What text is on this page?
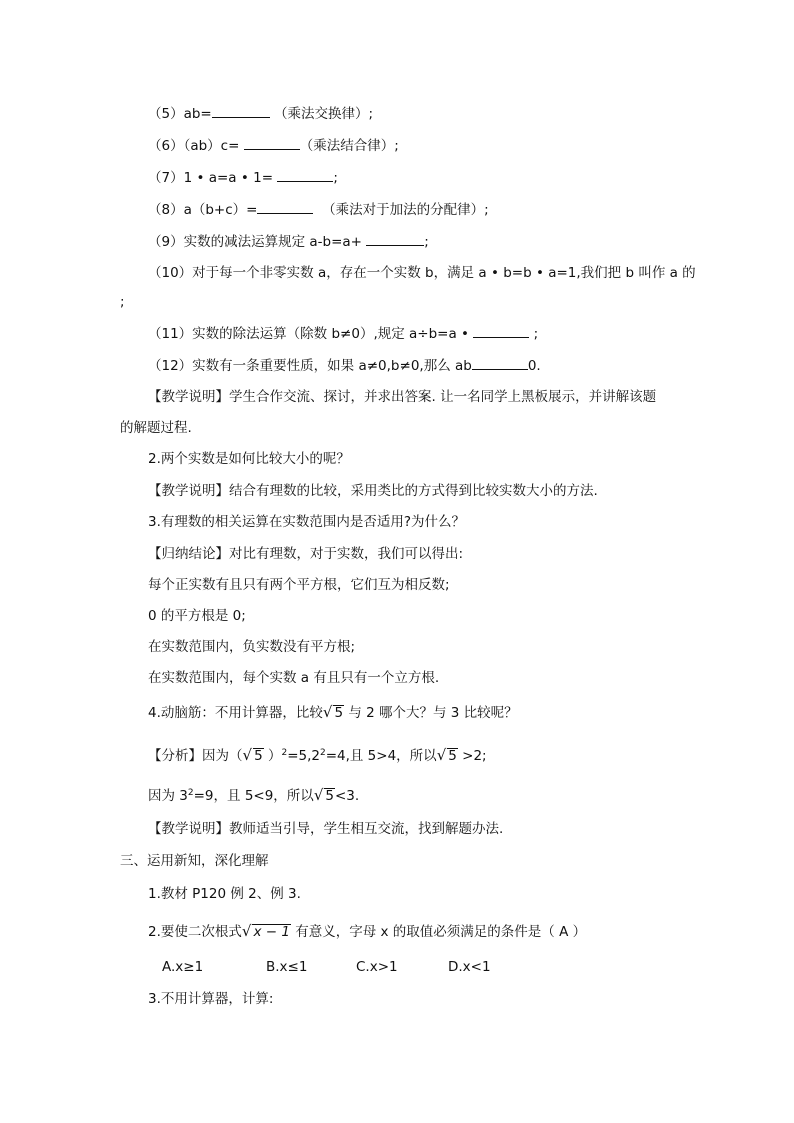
（5）ab=	（乘法交换律）;
（6）（ab）c=	（乘法结合律）;
（7）1 • a=a • 1=	;
（8）a（b+c）=	（乘法对于加法的分配律）;
（9）实数的减法运算规定 a-b=a+	;
（10）对于每一个非零实数 a，存在一个实数 b，满足 a • b=b • a=1,我们把 b 叫作 a 的
;
（11）实数的除法运算（除数 b≠0）,规定 a÷b=a •	;
（12）实数有一条重要性质，如果 a≠0,b≠0,那么 ab	0.
【教学说明】学生合作交流、探讨，并求出答案. 让一名同学上黑板展示，并讲解该题
的解题过程.
2.两个实数是如何比较大小的呢？
【教学说明】结合有理数的比较，采用类比的方式得到比较实数大小的方法.
3.有理数的相关运算在实数范围内是否适用?为什么？
【归纳结论】对比有理数，对于实数，我们可以得出:
每个正实数有且只有两个平方根，它们互为相反数;
0 的平方根是 0;
在实数范围内，负实数没有平方根;
在实数范围内，每个实数 a 有且只有一个立方根.
4.动脑筋：不用计算器，比较√ 5 与 2 哪个大？与 3 比较呢？
【分析】因为（√ 5 ）$^2=5,2^2=4$,且 5>4，所以√ 5 >2;
因为 $3^2=9$，且 5<9，所以√ 5<3.
【教学说明】教师适当引导，学生相互交流，找到解题办法.
三、运用新知，深化理解
1.教材 P120 例 2、例 3.
2.要使二次根式√ x − 1 有意义，字母 x 的取值必须满足的条件是（ A ）
A.x≥1	B.x≤1	C.x>1	D.x<1
3.不用计算器，计算:
